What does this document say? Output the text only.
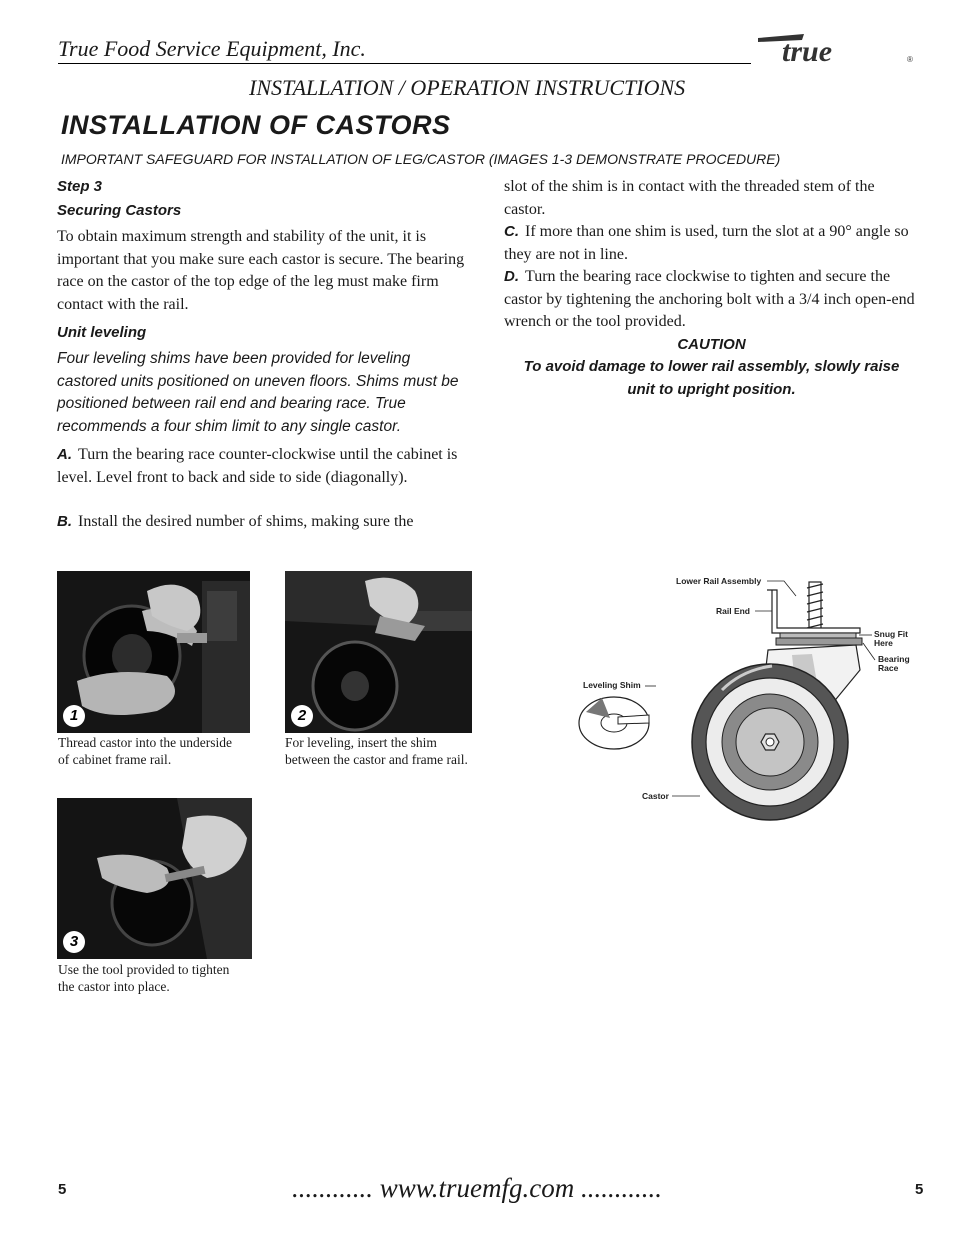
True Food Service Equipment, Inc.	true	®
INSTALLATION / OPERATION INSTRUCTIONS
INSTALLATION OF CASTORS
IMPORTANT SAFEGUARD FOR INSTALLATION OF LEG/CASTOR (IMAGES 1-3 DEMONSTRATE PROCEDURE)

Step 3

Securing Castors

To obtain maximum strength and stability of the unit, it is important that you make sure each castor is secure. The bearing race on the castor of the top edge of the leg must make firm contact with the rail.

Unit leveling

Four leveling shims have been provided for leveling castored units positioned on uneven floors. Shims must be positioned between rail end and bearing race. True recommends a four shim limit to any single castor.

A. Turn the bearing race counter-clockwise until the cabinet is level. Level front to back and side to side (diagonally).

B. Install the desired number of shims, making sure the

slot of the shim is in contact with the threaded stem of the castor.

C. If more than one shim is used, turn the slot at a 90° angle so they are not in line.

D. Turn the bearing race clockwise to tighten and secure the castor by tightening the anchoring bolt with a 3/4 inch open-end wrench or the tool provided.

CAUTION

To avoid damage to lower rail assembly, slowly raise unit to upright position.

1
Thread castor into the underside of cabinet frame rail.
2
For leveling, insert the shim between the castor and frame rail.
3
Use the tool provided to tighten the castor into place.
Lower Rail Assembly
Rail End
Snug Fit
Here
Bearing
Race
Leveling Shim
Castor
5	............ www.truemfg.com ............	5
